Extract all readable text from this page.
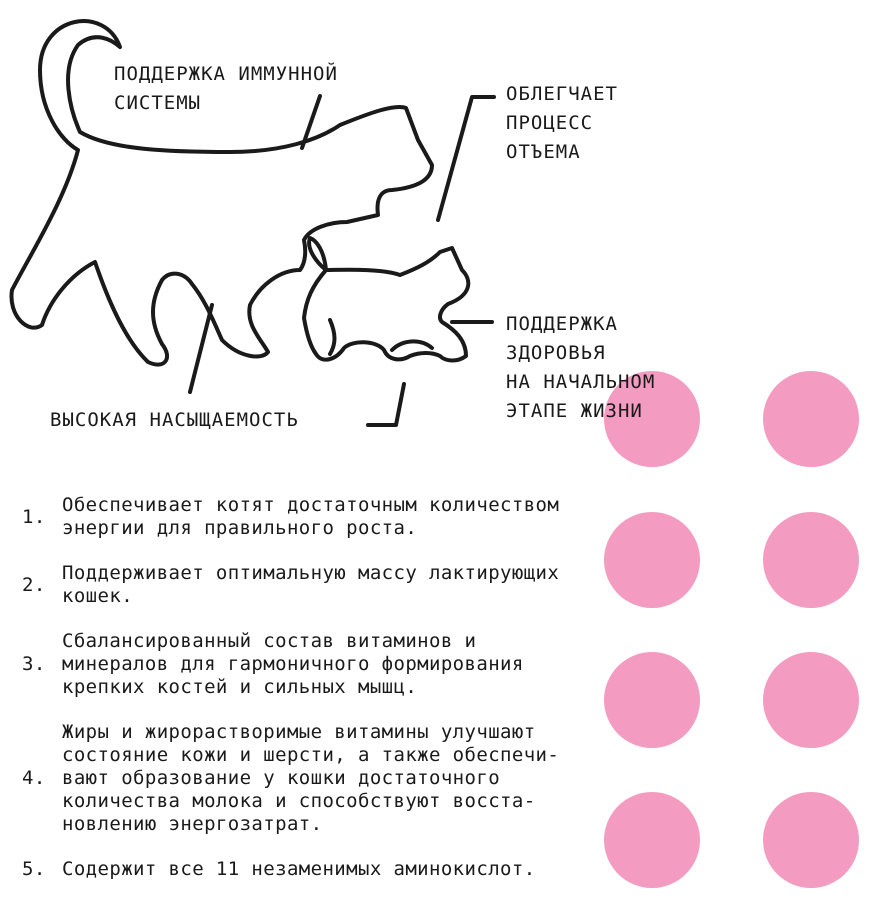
ПОДДЕРЖКА ИММУННОЙ
СИСТЕМЫ	ОБЛЕГЧАЕТ
ПРОЦЕСС
ОТЪЕМА
ПОДДЕРЖКА
ЗДОРОВЬЯ
НА НАЧАЛЬНОМ
ЭТАПЕ ЖИЗНИ
ВЫСОКАЯ НАСЫЩАЕМОСТЬ
1.
Обеспечивает котят достаточным количеством
энергии для правильного роста.
2.
Поддерживает оптимальную массу лактирующих
кошек.
3.
Сбалансированный состав витаминов и
минералов для гармоничного формирования
крепких костей и сильных мышц.
4.
Жиры и жирорастворимые витамины улучшают
состояние кожи и шерсти, а также обеспечи-
вают образование у кошки достаточного
количества молока и способствуют восста-
новлению энергозатрат.
5. Содержит все 11 незаменимых аминокислот.
